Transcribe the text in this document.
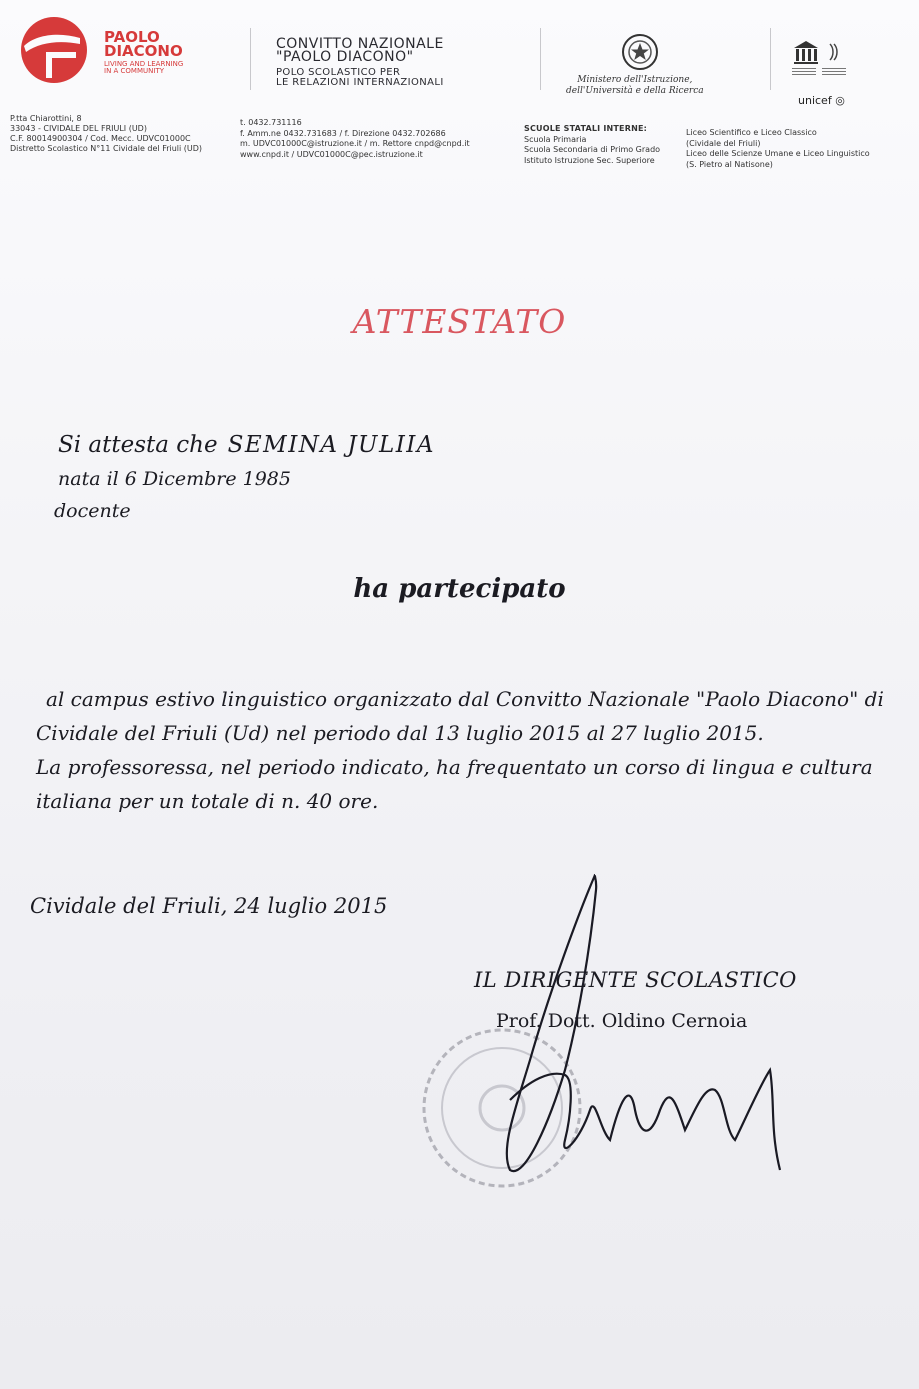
PAOLO
DIACONO
LIVING AND LEARNING
IN A COMMUNITY
CONVITTO NAZIONALE
"PAOLO DIACONO"
POLO SCOLASTICO PER
LE RELAZIONI INTERNAZIONALI	Ministero dell'Istruzione,
dell'Università e della Ricerca
unicef ◎
P.tta Chiarottini, 8
33043 - CIVIDALE DEL FRIULI (UD)
C.F. 80014900304 / Cod. Mecc. UDVC01000C
Distretto Scolastico N°11 Cividale del Friuli (UD)
t. 0432.731116
f. Amm.ne 0432.731683 / f. Direzione 0432.702686
m. UDVC01000C@istruzione.it / m. Rettore cnpd@cnpd.it
www.cnpd.it / UDVC01000C@pec.istruzione.it
SCUOLE STATALI INTERNE:
Scuola Primaria
Scuola Secondaria di Primo Grado
Istituto Istruzione Sec. Superiore
Liceo Scientifico e Liceo Classico
(Cividale del Friuli)
Liceo delle Scienze Umane e Liceo Linguistico
(S. Pietro al Natisone)
ATTESTATO
Si attesta che SEMINA JULIIA
nata il 6 Dicembre 1985
docente
ha partecipato

al campus estivo linguistico organizzato dal Convitto Nazionale "Paolo Diacono" di Cividale del Friuli (Ud) nel periodo dal 13 luglio 2015 al 27 luglio 2015.

La professoressa, nel periodo indicato, ha frequentato un corso di lingua e cultura italiana per un totale di n. 40 ore.

Cividale del Friuli, 24 luglio 2015
IL DIRIGENTE SCOLASTICO
Prof. Dott. Oldino Cernoia
